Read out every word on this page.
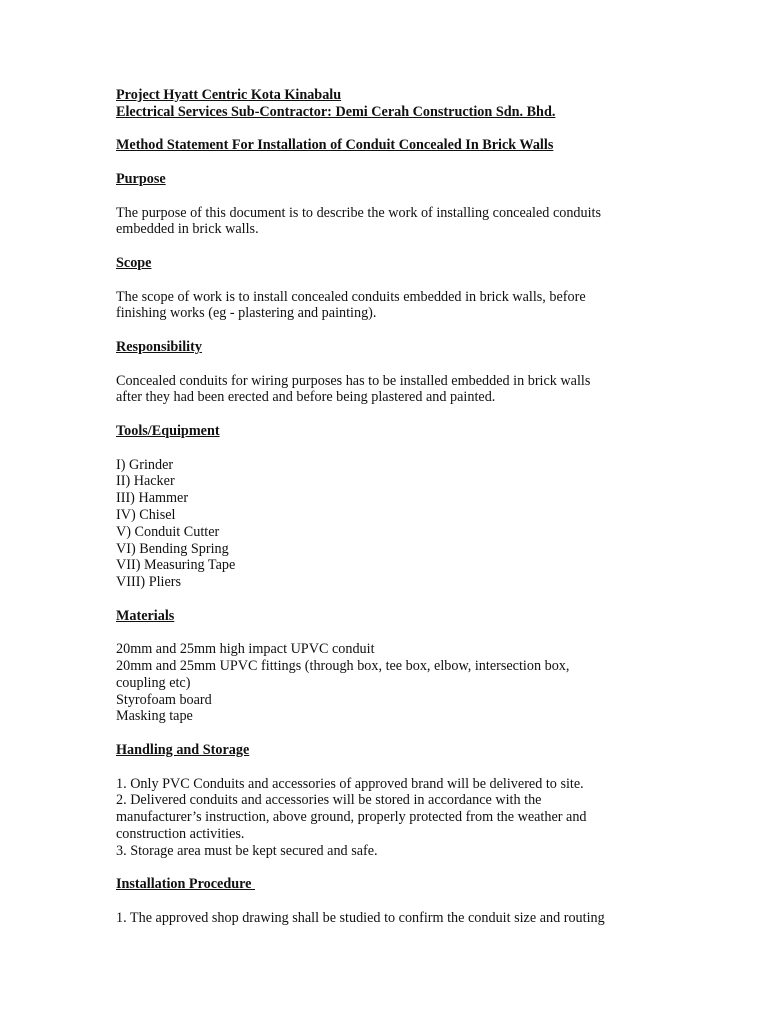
Project Hyatt Centric Kota Kinabalu
Electrical Services Sub-Contractor: Demi Cerah Construction Sdn. Bhd.
Method Statement For Installation of Conduit Concealed In Brick Walls
Purpose
The purpose of this document is to describe the work of installing concealed conduits
embedded in brick walls.
Scope
The scope of work is to install concealed conduits embedded in brick walls, before
finishing works (eg - plastering and painting).
Responsibility
Concealed conduits for wiring purposes has to be installed embedded in brick walls
after they had been erected and before being plastered and painted.
Tools/Equipment
I) Grinder
II) Hacker
III) Hammer
IV) Chisel
V) Conduit Cutter
VI) Bending Spring
VII) Measuring Tape
VIII) Pliers
Materials
20mm and 25mm high impact UPVC conduit
20mm and 25mm UPVC fittings (through box, tee box, elbow, intersection box,
coupling etc)
Styrofoam board
Masking tape
Handling and Storage
1. Only PVC Conduits and accessories of approved brand will be delivered to site.
2. Delivered conduits and accessories will be stored in accordance with the
manufacturer’s instruction, above ground, properly protected from the weather and
construction activities.
3. Storage area must be kept secured and safe.
Installation Procedure
1. The approved shop drawing shall be studied to confirm the conduit size and routing
